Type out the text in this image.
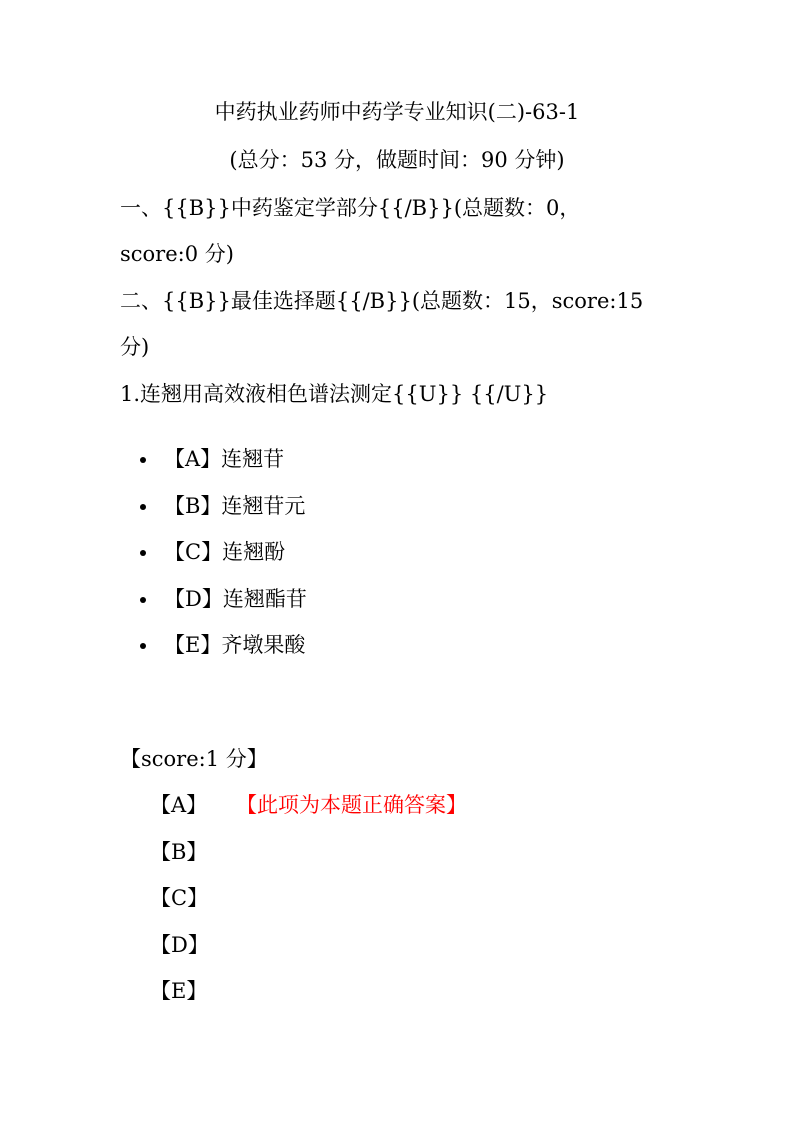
中药执业药师中药学专业知识(二)-63-1
(总分：53 分，做题时间：90 分钟)
一、{{B}}中药鉴定学部分{{/B}}(总题数：0，
score:0 分)
二、{{B}}最佳选择题{{/B}}(总题数：15，score:15
分)
1.连翘用高效液相色谱法测定{{U}} {{/U}}
【A】连翘苷
【B】连翘苷元
【C】连翘酚
【D】连翘酯苷
【E】齐墩果酸
【score:1 分】
【A】 【此项为本题正确答案】
【B】
【C】
【D】
【E】
